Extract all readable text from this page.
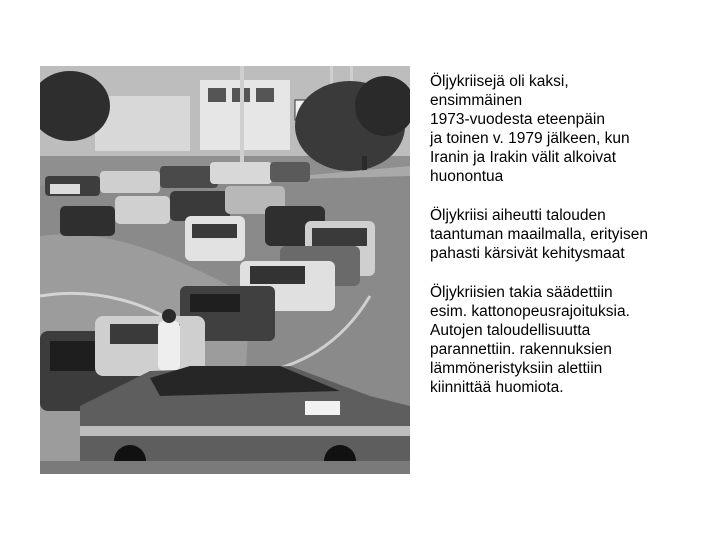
Öljykriisejä oli kaksi,
ensimmäinen
1973-vuodesta eteenpäin
ja toinen v. 1979 jälkeen, kun
Iranin ja Irakin välit alkoivat
huonontua

Öljykriisi aiheutti talouden
taantuman maailmalla, erityisen
pahasti kärsivät kehitysmaat

Öljykriisien takia säädettiin
esim. kattonopeusrajoituksia.
Autojen taloudellisuutta
parannettiin. rakennuksien
lämmöneristyksiin alettiin
kiinnittää huomiota.
